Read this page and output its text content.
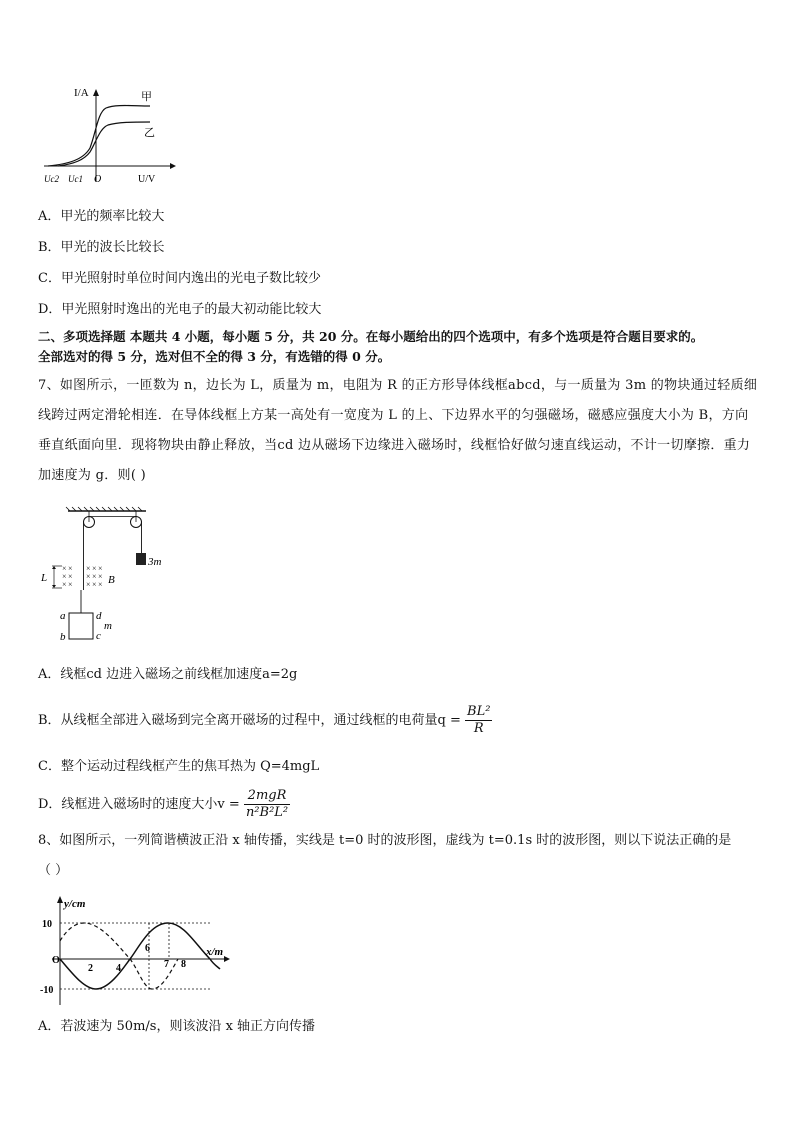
I/A	甲
乙
Uc2 Uc1 O	U/V
A．甲光的频率比较大
B．甲光的波长比较长
C．甲光照射时单位时间内逸出的光电子数比较少
D．甲光照射时逸出的光电子的最大初动能比较大
二、多项选择题 本题共 4 小题，每小题 5 分，共 20 分。在每小题给出的四个选项中，有多个选项是符合题目要求的。
全部选对的得 5 分，选对但不全的得 3 分，有选错的得 0 分。
7、如图所示，一匝数为 n，边长为 L，质量为 m，电阻为 R 的正方形导体线框abcd，与一质量为 3m 的物块通过轻质细线跨过两定滑轮相连．在导体线框上方某一高处有一宽度为 L 的上、下边界水平的匀强磁场，磁感应强度大小为 B，方向垂直纸面向里．现将物块由静止释放，当cd 边从磁场下边缘进入磁场时，线框恰好做匀速直线运动，不计一切摩擦．重力加速度为 g．则( )
3m
× × × × ×
× × × × ×
× × × × ×
L	B
a
b	c
d
m
A．线框cd 边进入磁场之前线框加速度a=2g
B．从线框全部进入磁场到完全离开磁场的过程中，通过线框的电荷量$q = \frac{\text{BL²}}{R}$
C．整个运动过程线框产生的焦耳热为 Q=4mgL
D．线框进入磁场时的速度大小$v = \frac{\text{2mgR}}{\text{n²B²L²}}$
8、如图所示，一列简谐横波正沿 x 轴传播，实线是 t=0 时的波形图，虚线为 t=0.1s 时的波形图，则以下说法正确的是
（ ）
y/cm
x/m
10
-10
O
2 4
6
7 8
A．若波速为 50m/s，则该波沿 x 轴正方向传播
